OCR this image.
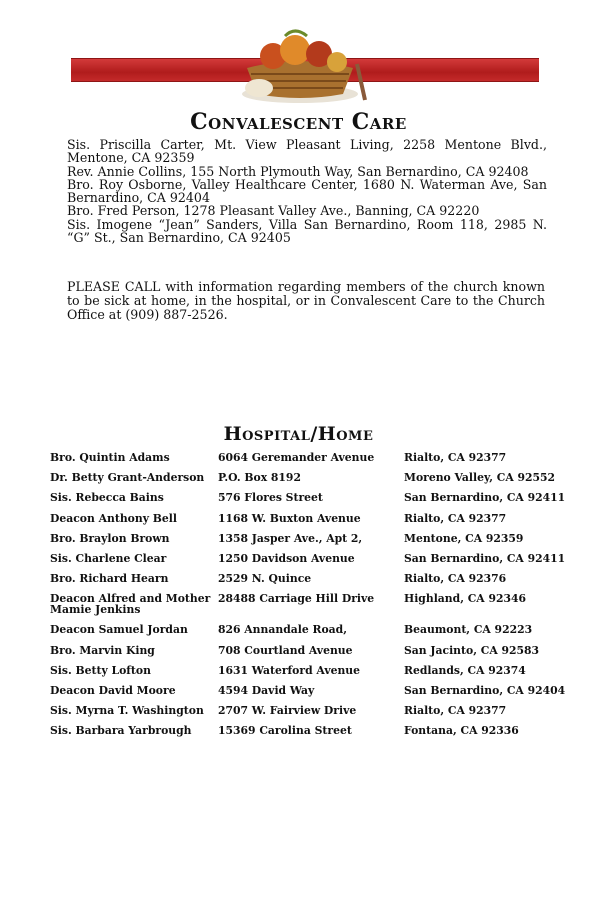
Convalescent Care

Sis. Priscilla Carter, Mt. View Pleasant Living, 2258 Mentone Blvd., Mentone, CA 92359

Rev. Annie Collins, 155 North Plymouth Way, San Bernardino, CA 92408

Bro. Roy Osborne, Valley Healthcare Center, 1680 N. Waterman Ave, San Bernardino, CA 92404

Bro. Fred Person, 1278 Pleasant Valley Ave., Banning, CA 92220

Sis. Imogene “Jean” Sanders, Villa San Bernardino, Room 118, 2985 N. “G” St., San Bernardino, CA 92405

PLEASE CALL with information regarding members of the church known to be sick at home, in the hospital, or in Convalescent Care to the Church Office at (909) 887-2526.

Hospital/Home
Bro. Quintin Adams	6064 Geremander Avenue	Rialto, CA 92377
Dr. Betty Grant-Anderson	P.O. Box 8192	Moreno Valley, CA 92552
Sis. Rebecca Bains	576 Flores Street	San Bernardino, CA 92411
Deacon Anthony Bell	1168 W. Buxton Avenue	Rialto, CA 92377
Bro. Braylon Brown	1358 Jasper Ave., Apt 2,	Mentone, CA 92359
Sis. Charlene Clear	1250 Davidson Avenue	San Bernardino, CA 92411
Bro. Richard Hearn	2529 N. Quince	Rialto, CA 92376
Deacon Alfred and Mother Mamie Jenkins	28488 Carriage Hill Drive	Highland, CA 92346
Deacon Samuel Jordan	826 Annandale Road,	Beaumont, CA 92223
Bro. Marvin King	708 Courtland Avenue	San Jacinto, CA 92583
Sis. Betty Lofton	1631 Waterford Avenue	Redlands, CA 92374
Deacon David Moore	4594 David Way	San Bernardino, CA 92404
Sis. Myrna T. Washington	2707 W. Fairview Drive	Rialto, CA 92377
Sis. Barbara Yarbrough	15369 Carolina Street	Fontana, CA 92336
